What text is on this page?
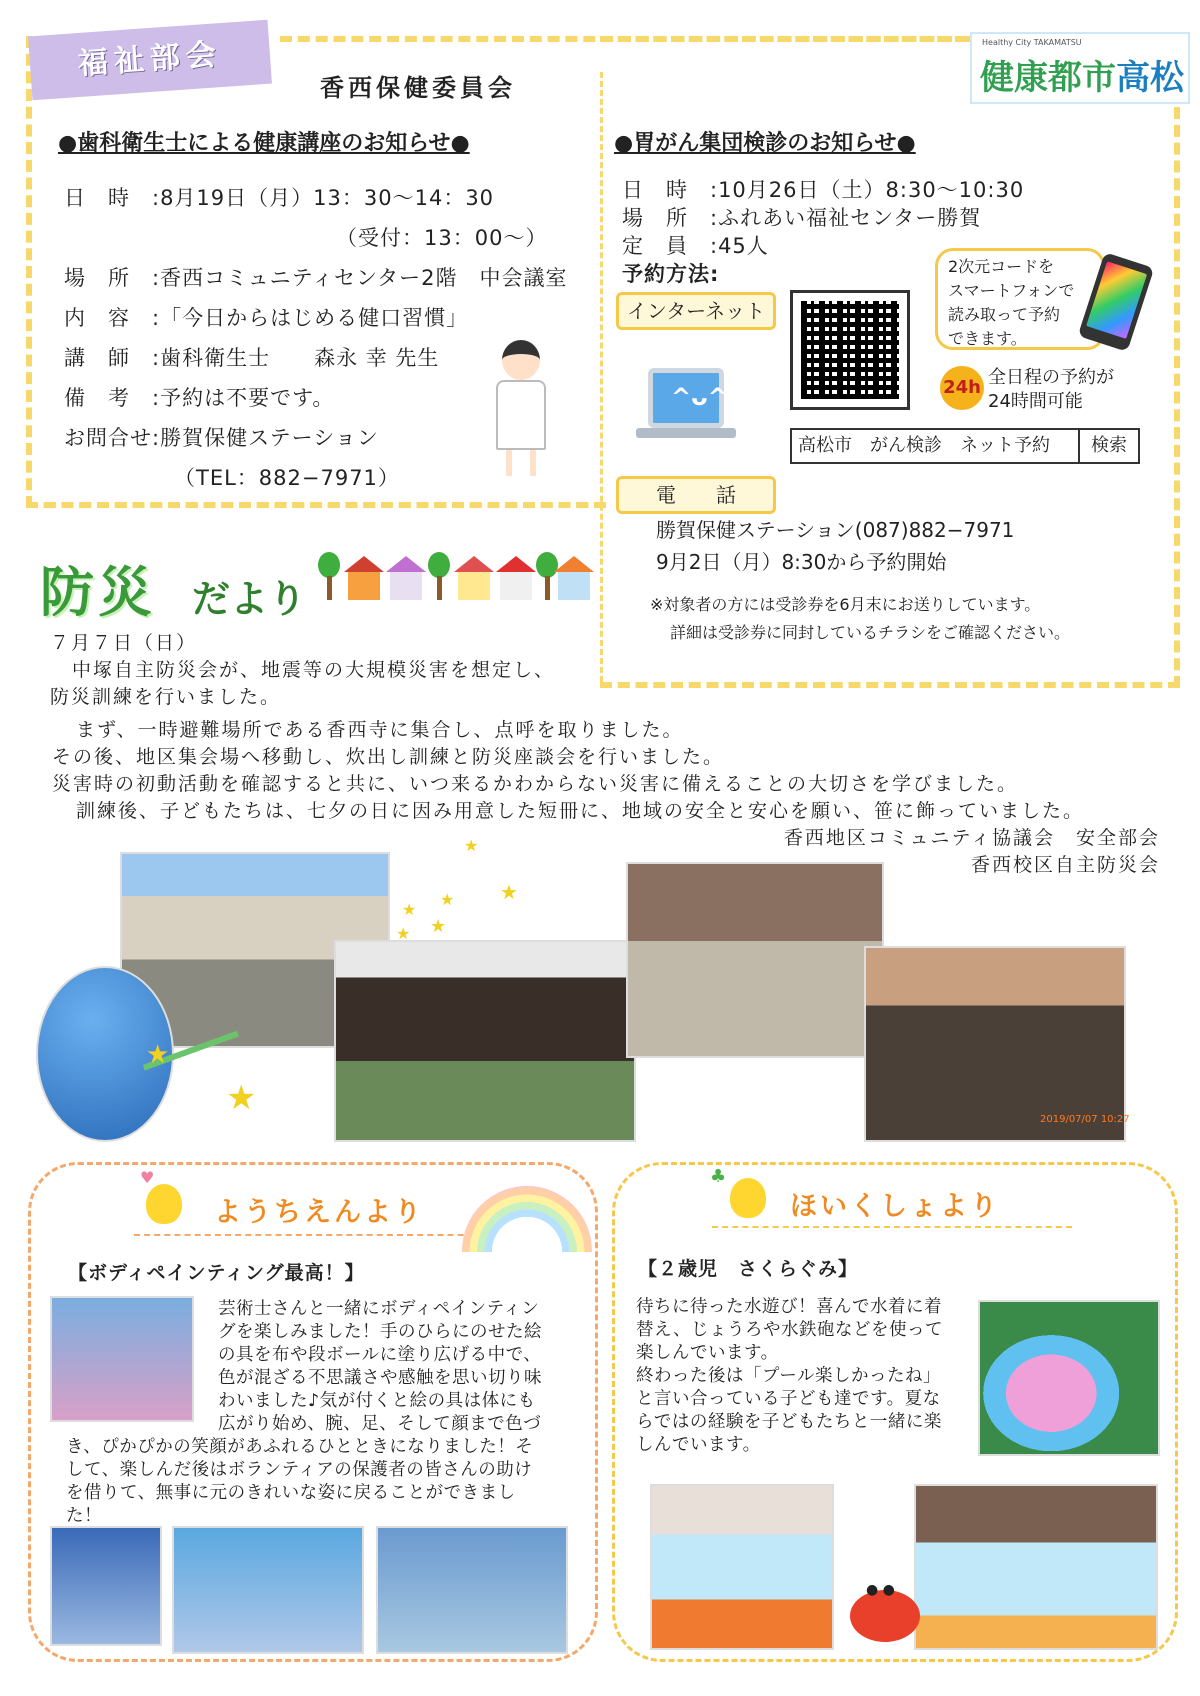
福祉部会
香西保健委員会
Healthy City TAKAMATSU
健康都市高松
●歯科衛生士による健康講座のお知らせ●
日　時　:8月19日（月）13：30〜14：30
（受付：13：00〜）
場　所　:香西コミュニティセンター2階　中会議室
内　容　:「今日からはじめる健口習慣」
講　師　:歯科衛生士　　森永 幸 先生
備　考　:予約は不要です。
お問合せ:勝賀保健ステーション
（TEL：882−7971）
●胃がん集団検診のお知らせ●
日　時　:10月26日（土）8:30〜10:30
場　所　:ふれあい福祉センター勝賀
定　員　:45人
予約方法:
インターネット
2次元コードを
スマートフォンで
読み取って予約
できます。
^ᴗ^	24h 全日程の予約が
24時間可能
高松市　がん検診　ネット予約	検索
電　　話
勝賀保健ステーション(087)882−7971
9月2日（月）8:30から予約開始
※対象者の方には受診券を6月末にお送りしています。
詳細は受診券に同封しているチラシをご確認ください。
防災 だより
７月７日（日）
中塚自主防災会が、地震等の大規模災害を想定し、
防災訓練を行いました。
まず、一時避難場所である香西寺に集合し、点呼を取りました。
その後、地区集会場へ移動し、炊出し訓練と防災座談会を行いました。
災害時の初動活動を確認すると共に、いつ来るかわからない災害に備えることの大切さを学びました。
訓練後、子どもたちは、七夕の日に因み用意した短冊に、地域の安全と安心を願い、笹に飾っていました。
香西地区コミュニティ協議会　安全部会
香西校区自主防災会
★
★
2019/07/07 10:27
★
★
★ ★
★
★
♥
ようちえんより
【ボディペインティング最高！】
芸術士さんと一緒にボディペインティン
グを楽しみました！手のひらにのせた絵
の具を布や段ボールに塗り広げる中で、
色が混ざる不思議さや感触を思い切り味
わいました♪気が付くと絵の具は体にも
広がり始め、腕、足、そして顔まで色づ
き、ぴかぴかの笑顔があふれるひとときになりました！そ
して、楽しんだ後はボランティアの保護者の皆さんの助け
を借りて、無事に元のきれいな姿に戻ることができまし
た！
♣
ほいくしょより
【２歳児　さくらぐみ】
待ちに待った水遊び！喜んで水着に着
替え、じょうろや水鉄砲などを使って
楽しんでいます。
終わった後は「プール楽しかったね」
と言い合っている子ども達です。夏な
らではの経験を子どもたちと一緒に楽
しんでいます。
● ●
